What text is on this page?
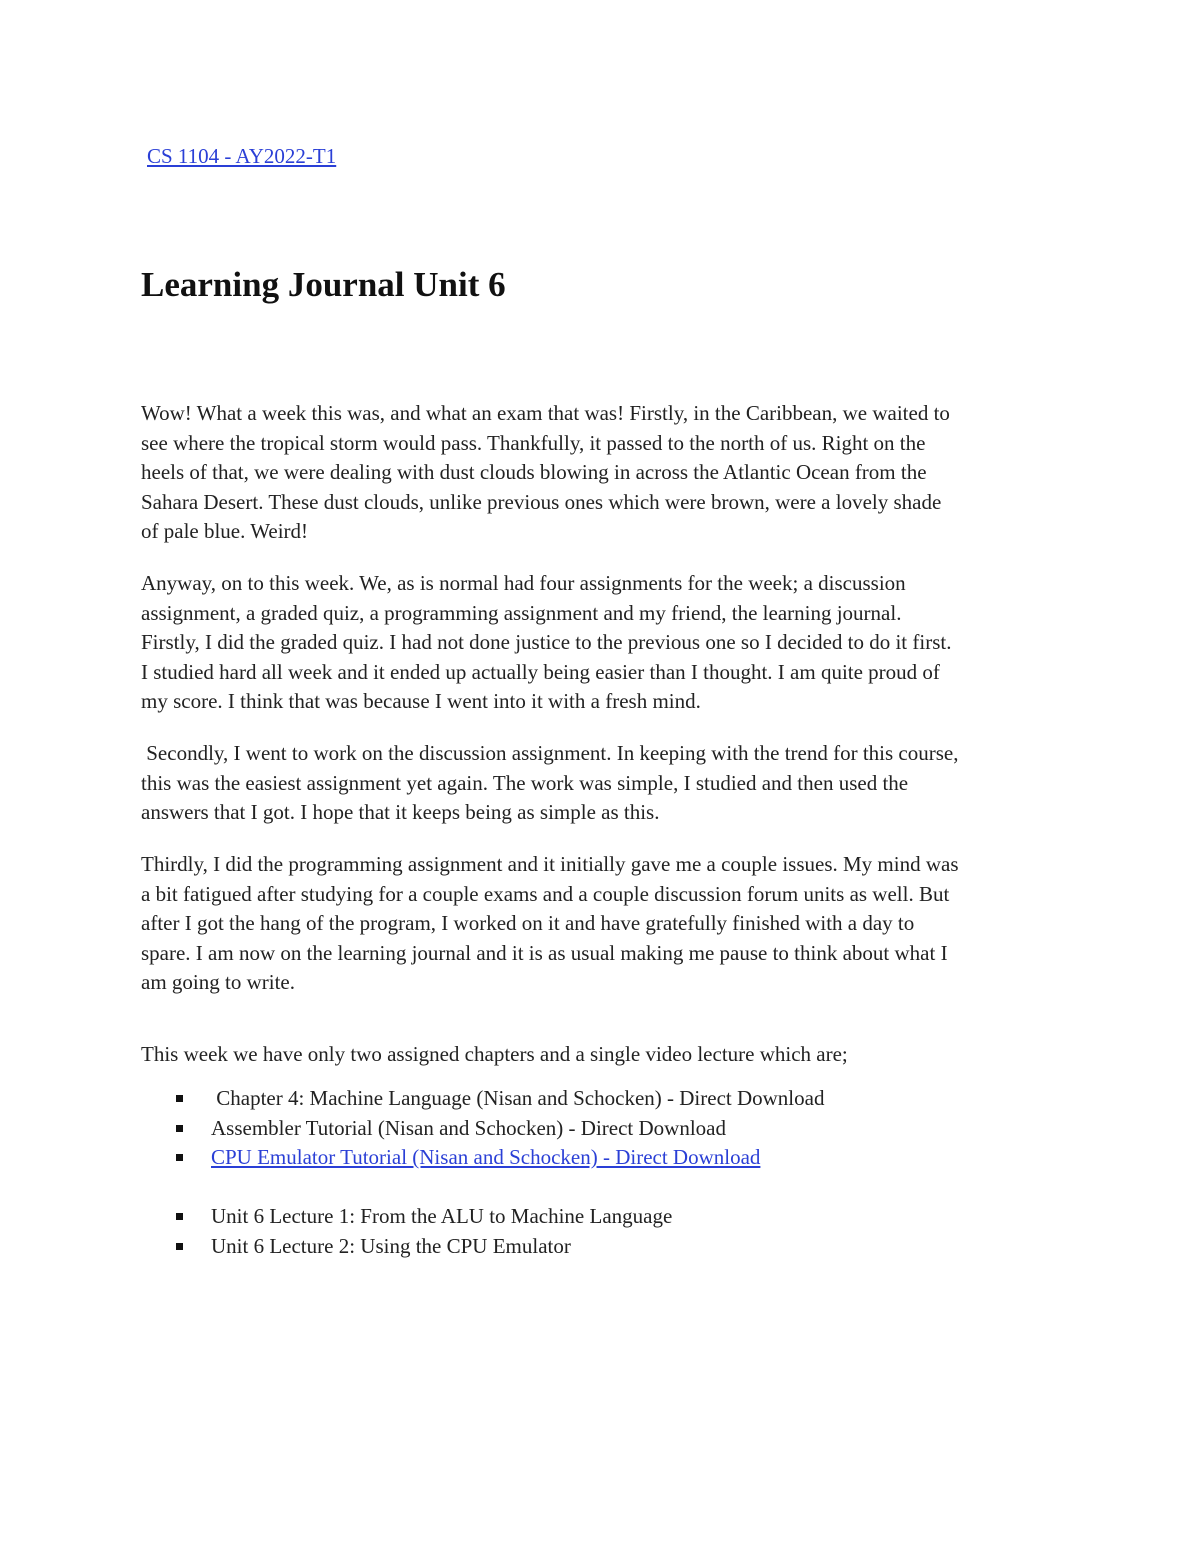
CS 1104 - AY2022-T1
Learning Journal Unit 6
Wow! What a week this was, and what an exam that was! Firstly, in the Caribbean, we waited to
see where the tropical storm would pass. Thankfully, it passed to the north of us. Right on the
heels of that, we were dealing with dust clouds blowing in across the Atlantic Ocean from the
Sahara Desert. These dust clouds, unlike previous ones which were brown, were a lovely shade
of pale blue. Weird!
Anyway, on to this week. We, as is normal had four assignments for the week; a discussion
assignment, a graded quiz, a programming assignment and my friend, the learning journal.
Firstly, I did the graded quiz. I had not done justice to the previous one so I decided to do it first.
I studied hard all week and it ended up actually being easier than I thought. I am quite proud of
my score. I think that was because I went into it with a fresh mind.
Secondly, I went to work on the discussion assignment. In keeping with the trend for this course,
this was the easiest assignment yet again. The work was simple, I studied and then used the
answers that I got. I hope that it keeps being as simple as this.
Thirdly, I did the programming assignment and it initially gave me a couple issues. My mind was
a bit fatigued after studying for a couple exams and a couple discussion forum units as well. But
after I got the hang of the program, I worked on it and have gratefully finished with a day to
spare. I am now on the learning journal and it is as usual making me pause to think about what I
am going to write.
This week we have only two assigned chapters and a single video lecture which are;
Chapter 4: Machine Language (Nisan and Schocken) - Direct Download
Assembler Tutorial (Nisan and Schocken) - Direct Download
CPU Emulator Tutorial (Nisan and Schocken) - Direct Download
Unit 6 Lecture 1: From the ALU to Machine Language
Unit 6 Lecture 2: Using the CPU Emulator
